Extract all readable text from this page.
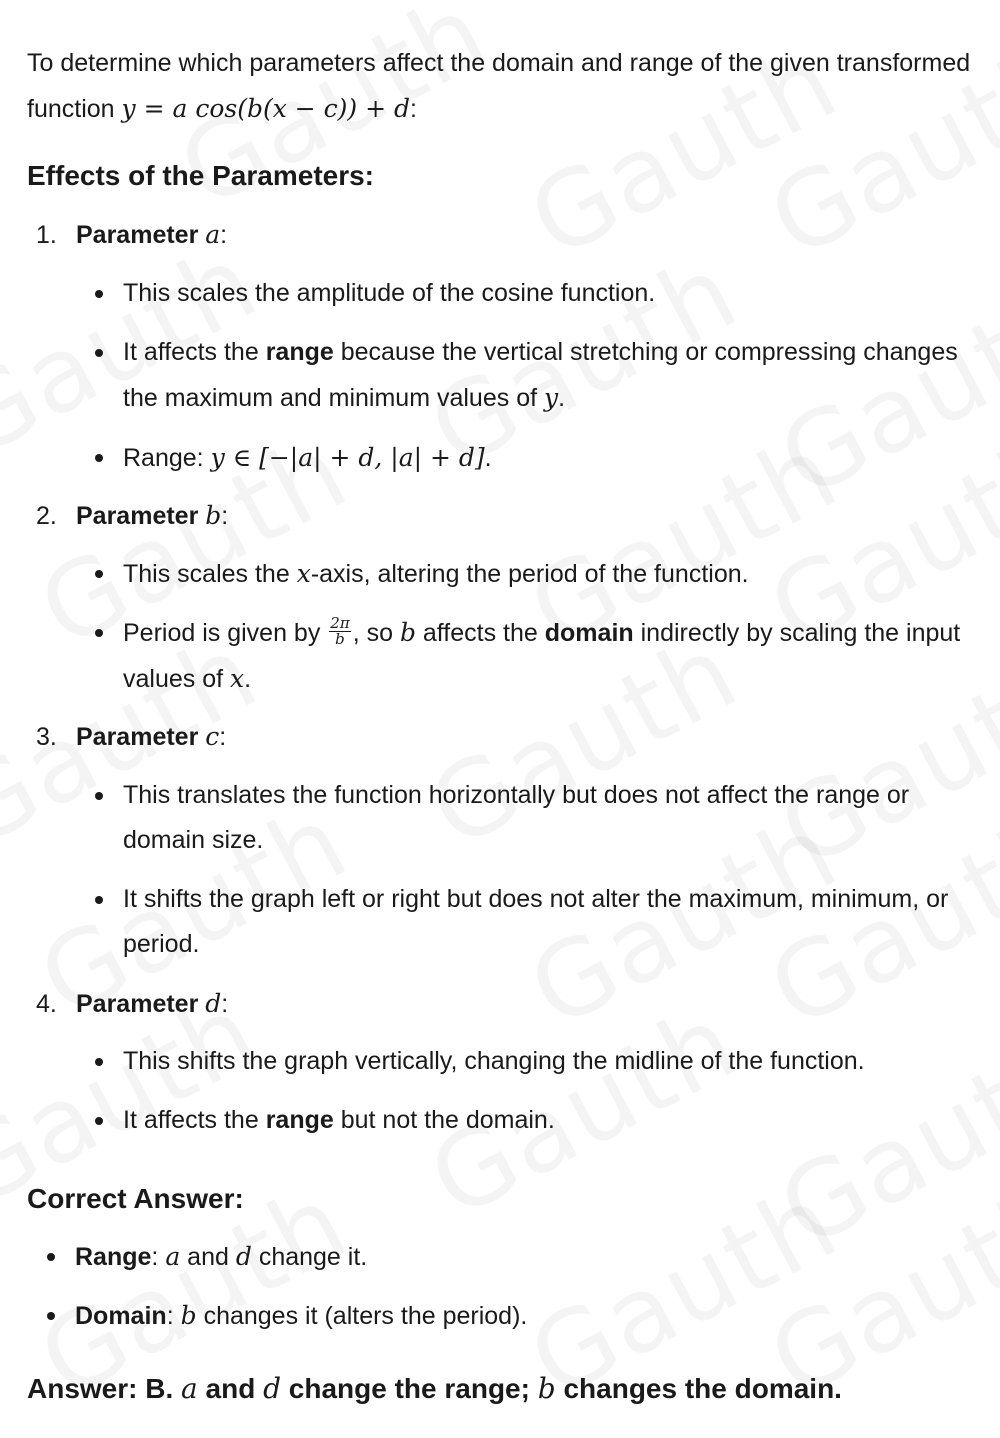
To determine which parameters affect the domain and range of the given transformed function y = a cos(b(x − c)) + d:
Effects of the Parameters:
1. Parameter a:
This scales the amplitude of the cosine function.
It affects the range because the vertical stretching or compressing changes the maximum and minimum values of y.
Range: y ∈ [−|a| + d, |a| + d].
2. Parameter b:
This scales the x-axis, altering the period of the function.
Period is given by $\frac{2\pi}{b}$ , so b affects the domain indirectly by scaling the input values of x.
3. Parameter c:
This translates the function horizontally but does not affect the range or domain size.
It shifts the graph left or right but does not alter the maximum, minimum, or period.
4. Parameter d:
This shifts the graph vertically, changing the midline of the function.
It affects the range but not the domain.
Correct Answer:
Range: a and d change it.
Domain: b changes it (alters the period).
Answer: B. a and d change the range; b changes the domain.
